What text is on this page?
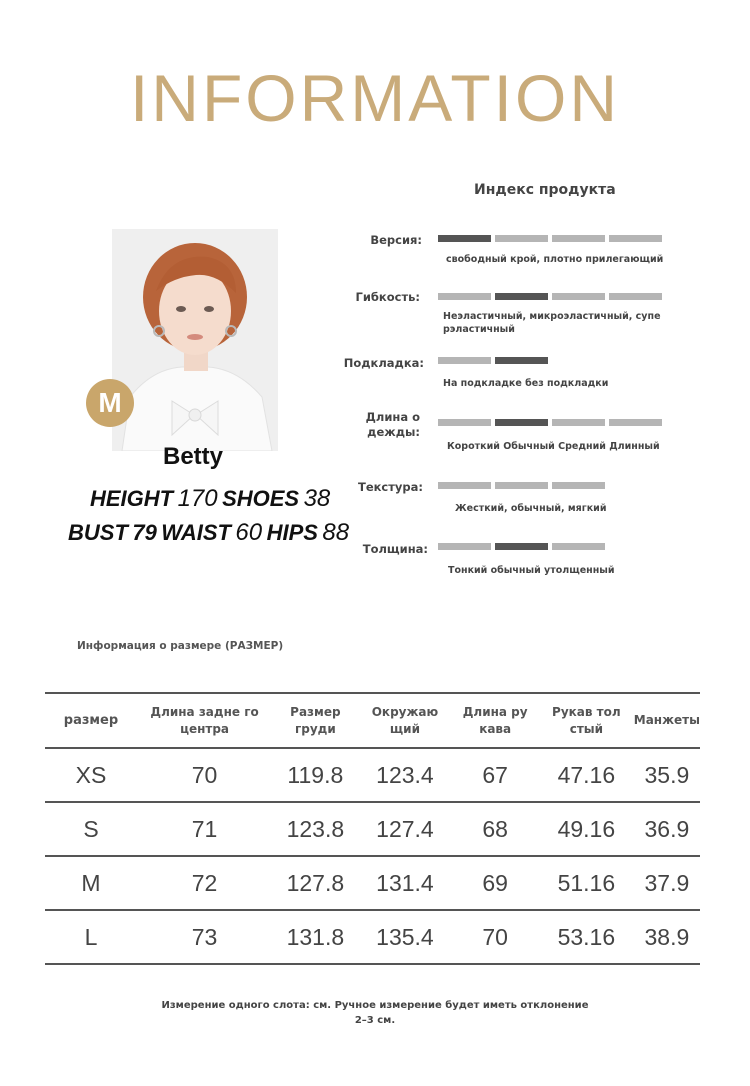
INFORMATION
M
Betty
HEIGHT 170 SHOES 38
BUST 79 WAIST 60 HIPS 88
Индекс продукта
Версия:
свободный крой, плотно прилегающий
Гибкость:
Неэластичный, микроэластичный, супе рэластичный
Подкладка:
На подкладке без подкладки
Длина о дежды:
Короткий Обычный Средний Длинный
Текстура:
Жесткий, обычный, мягкий
Толщина:
Тонкий обычный утолщенный
Информация о размере (РАЗМЕР)
размер	Длина задне го центра	Размер груди	Окружаю щий	Длина ру кава	Рукав тол стый	Манжеты
XS	70	119.8	123.4	67	47.16	35.9
S	71	123.8	127.4	68	49.16	36.9
M	72	127.8	131.4	69	51.16	37.9
L	73	131.8	135.4	70	53.16	38.9
Измерение одного слота: см. Ручное измерение будет иметь отклонение
2–3 см.
